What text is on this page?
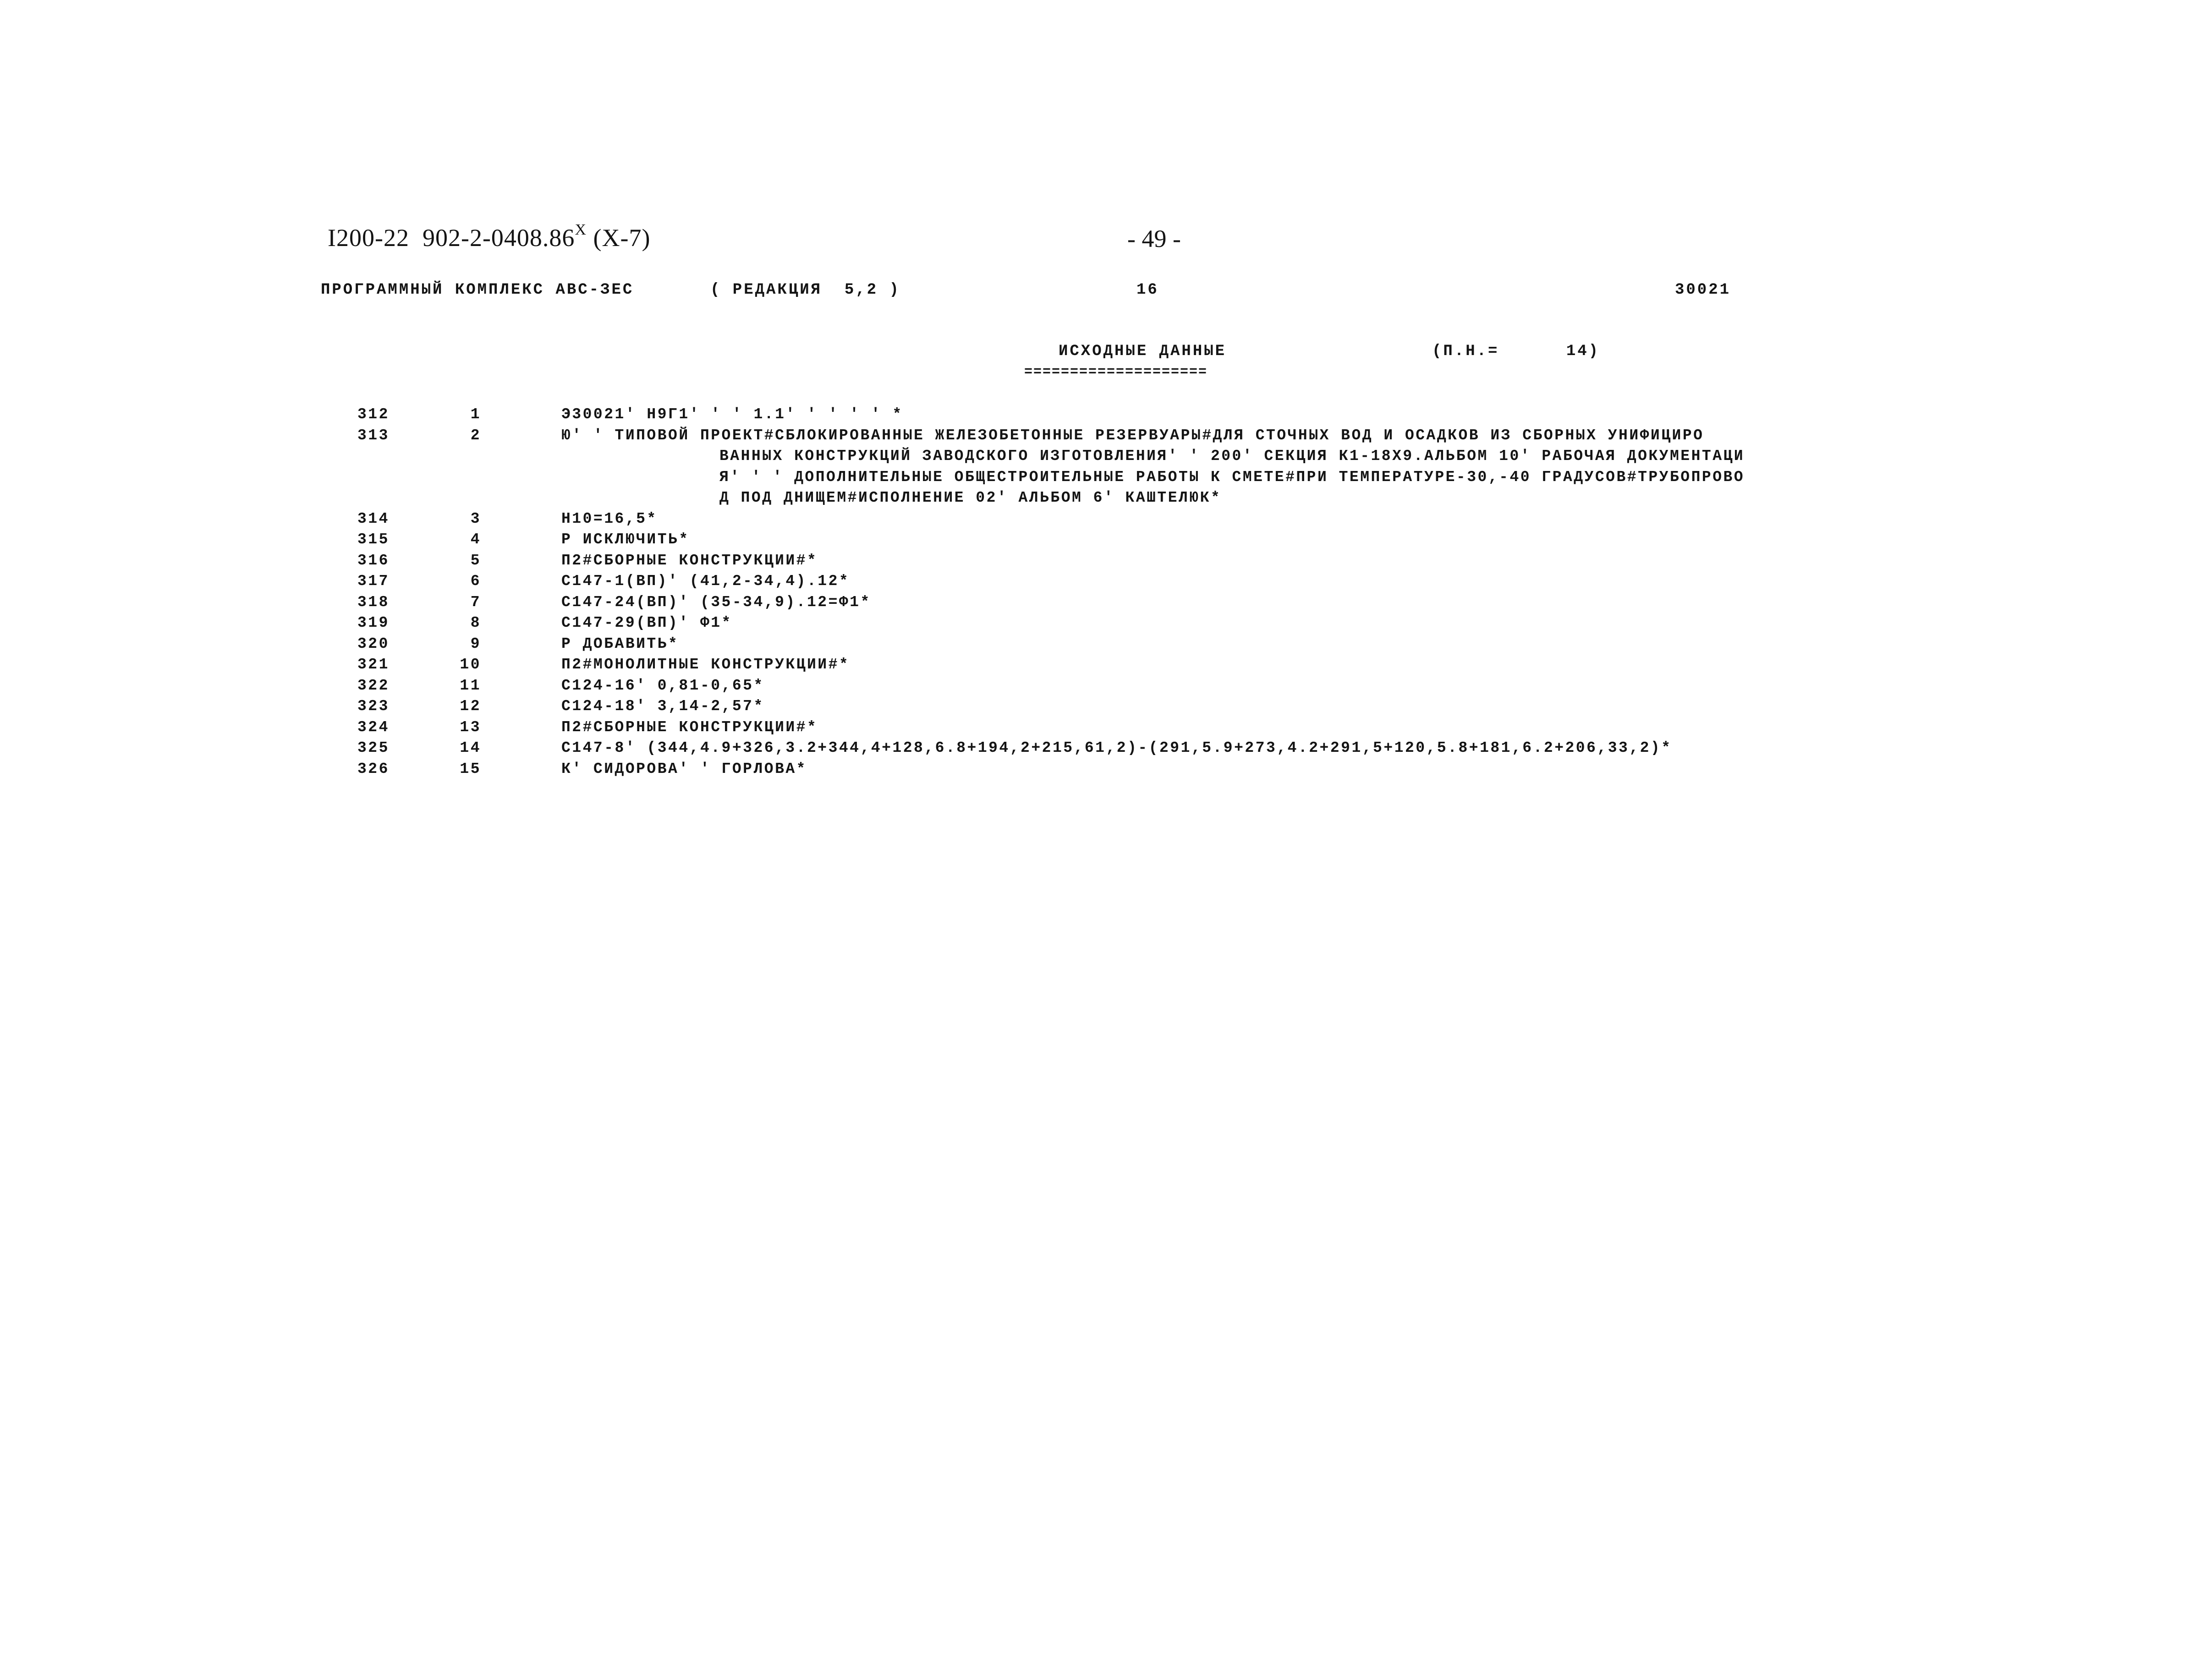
I200-22  $902-2-0408.86^X$ (X-7)	- 49 -
ПРОГРАММНЫЙ КОМПЛЕКС АВС-ЗЕС	( РЕДАКЦИЯ  5,2 )	16	30021
ИСХОДНЫЕ ДАННЫЕ
====================
(П.Н.=      14)
312	1	Э30021' Н9Г1' ' ' 1.1' ' ' ' ' *
313	2	Ю' ' ТИПОВОЙ ПРОЕКТ#СБЛОКИРОВАННЫЕ ЖЕЛЕЗОБЕТОННЫЕ РЕЗЕРВУАРЫ#ДЛЯ СТОЧНЫХ ВОД И ОСАДКОВ ИЗ СБОРНЫХ УНИФИЦИРО
ВАННЫХ КОНСТРУКЦИЙ ЗАВОДСКОГО ИЗГОТОВЛЕНИЯ' ' 200' СЕКЦИЯ К1-18Х9.АЛЬБОМ 10' РАБОЧАЯ ДОКУМЕНТАЦИ
Я' ' ' ДОПОЛНИТЕЛЬНЫЕ ОБЩЕСТРОИТЕЛЬНЫЕ РАБОТЫ К СМЕТЕ#ПРИ ТЕМПЕРАТУРЕ-30,-40 ГРАДУСОВ#ТРУБОПРОВО
Д ПОД ДНИЩЕМ#ИСПОЛНЕНИЕ 02' АЛЬБОМ 6' КАШТЕЛЮК*
314	3	Н10=16,5*
315	4	Р ИСКЛЮЧИТЬ*
316	5	П2#СБОРНЫЕ КОНСТРУКЦИИ#*
317	6	С147-1(ВП)' (41,2-34,4).12*
318	7	С147-24(ВП)' (35-34,9).12=Ф1*
319	8	С147-29(ВП)' Ф1*
320	9	Р ДОБАВИТЬ*
321	10	П2#МОНОЛИТНЫЕ КОНСТРУКЦИИ#*
322	11	С124-16' 0,81-0,65*
323	12	С124-18' 3,14-2,57*
324	13	П2#СБОРНЫЕ КОНСТРУКЦИИ#*
325	14	С147-8' (344,4.9+326,3.2+344,4+128,6.8+194,2+215,61,2)-(291,5.9+273,4.2+291,5+120,5.8+181,6.2+206,33,2)*
326	15	К' СИДОРОВА' ' ГОРЛОВА*
